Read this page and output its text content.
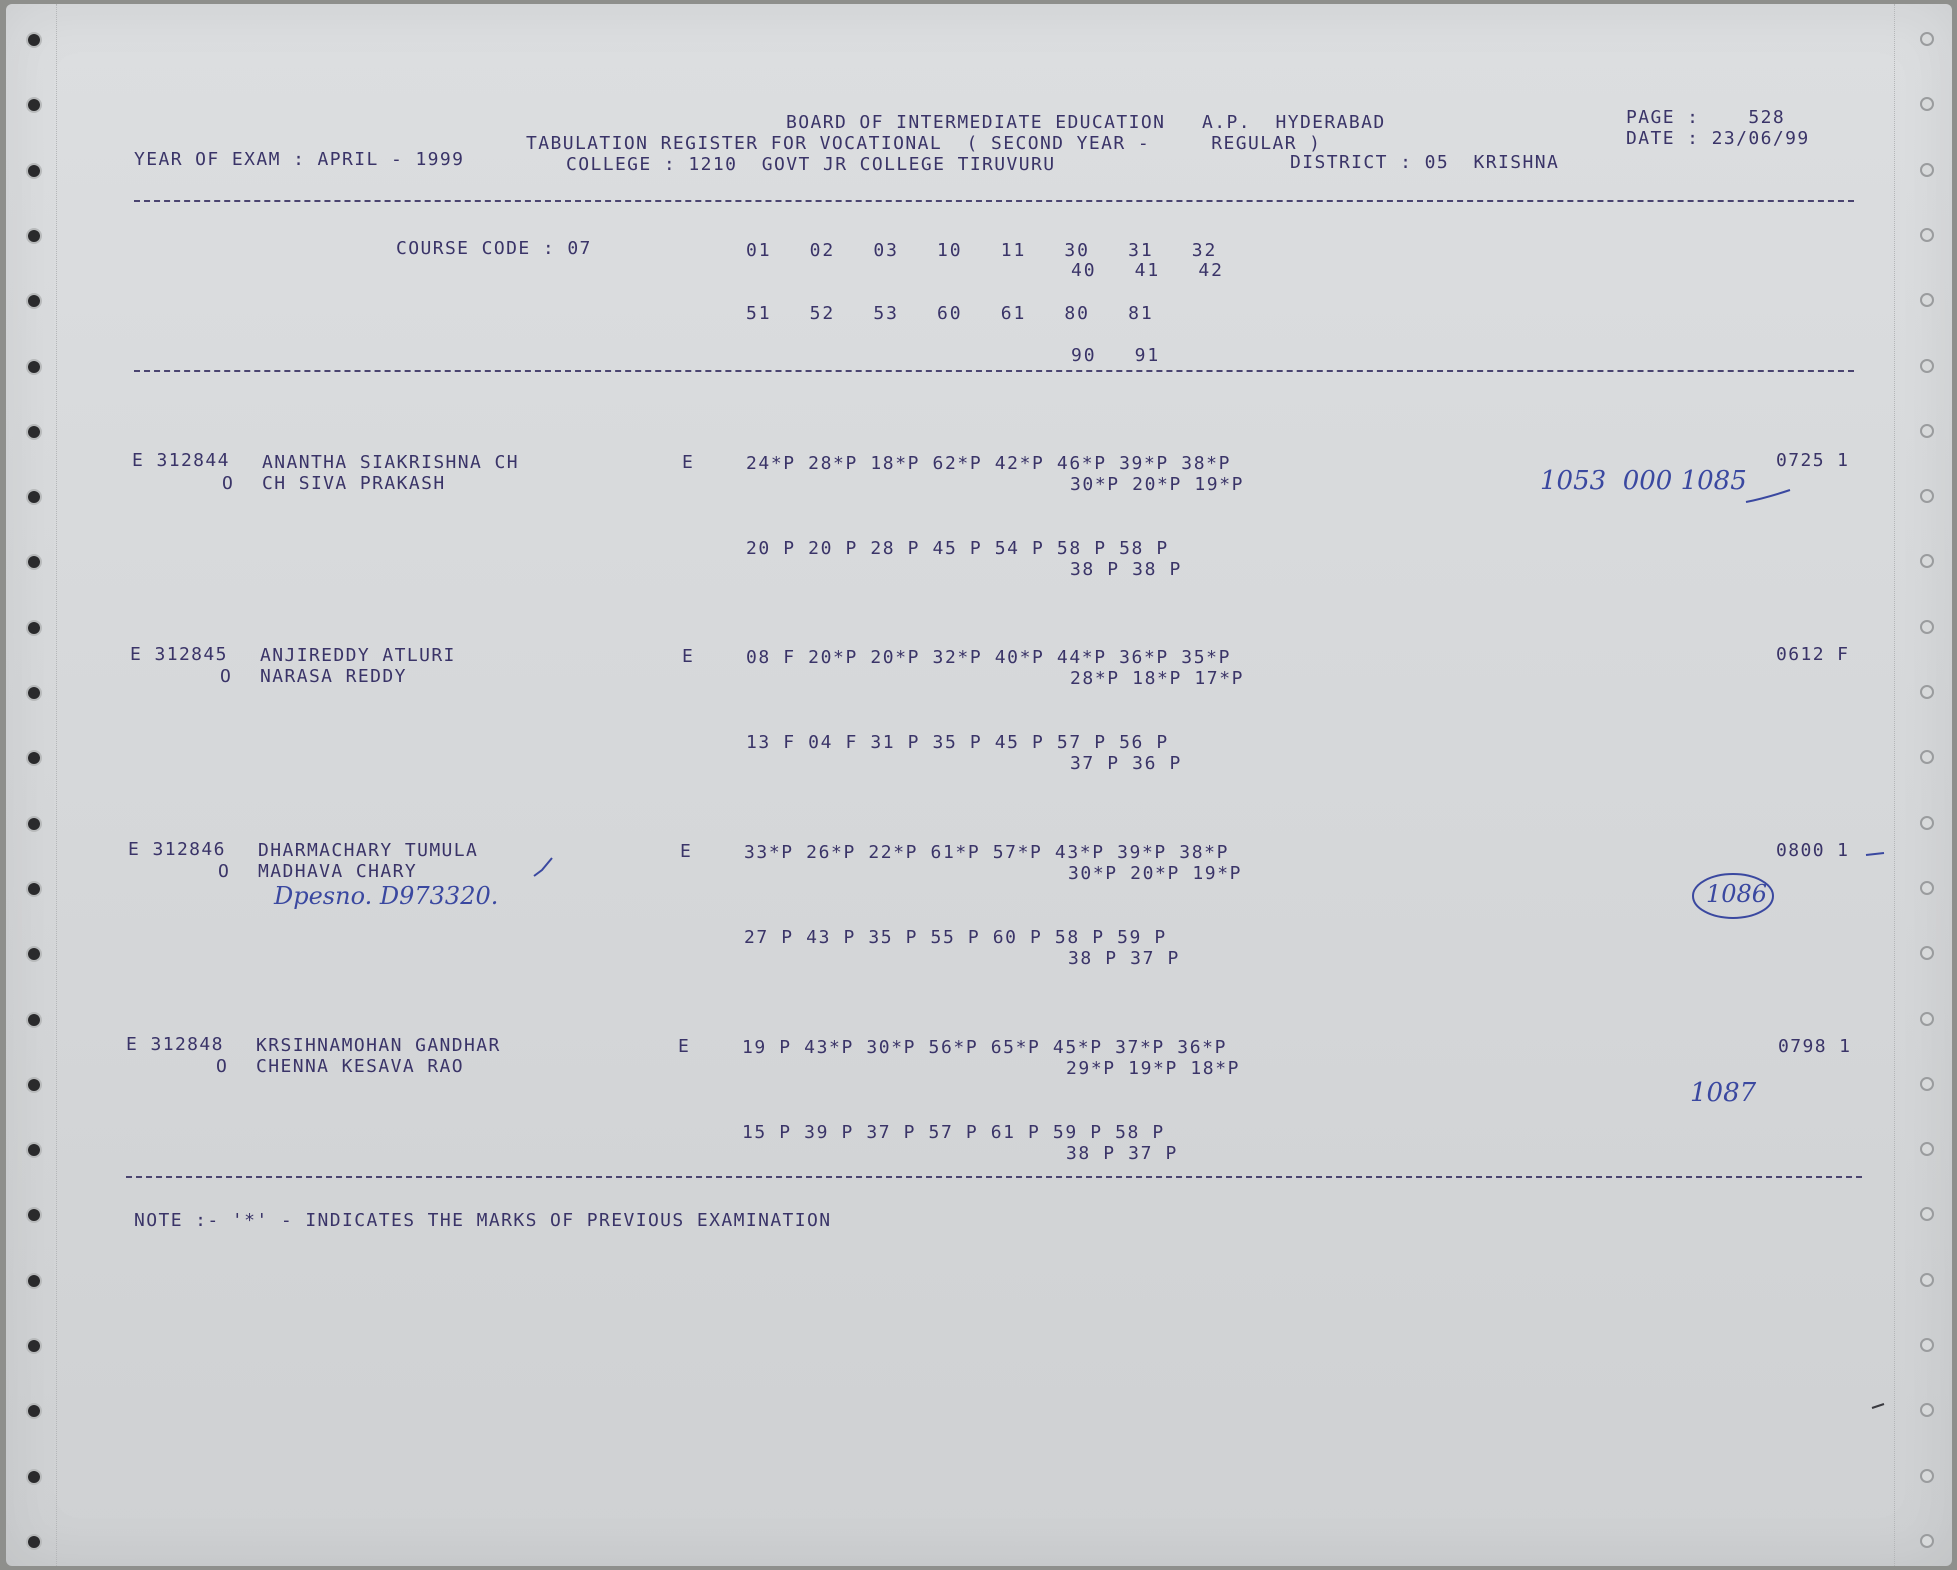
BOARD OF INTERMEDIATE EDUCATION   A.P.  HYDERABAD
TABULATION REGISTER FOR VOCATIONAL  ( SECOND YEAR -     REGULAR )
YEAR OF EXAM : APRIL - 1999	COLLEGE : 1210  GOVT JR COLLEGE TIRUVURU	DISTRICT : 05  KRISHNA
PAGE :    528
DATE : 23/06/99
COURSE CODE : 07	01   02   03   10   11   30   31   32
40   41   42
51   52   53   60   61   80   81
90   91
E 312844 ANANTHA SIAKRISHNA CH
O CH SIVA PRAKASH
E	24*P 28*P 18*P 62*P 42*P 46*P 39*P 38*P
30*P 20*P 19*P
20 P 20 P 28 P 45 P 54 P 58 P 58 P
38 P 38 P
0725 1
1053  000 1085
E 312845 ANJIREDDY ATLURI
O NARASA REDDY
E	08 F 20*P 20*P 32*P 40*P 44*P 36*P 35*P
28*P 18*P 17*P
13 F 04 F 31 P 35 P 45 P 57 P 56 P
37 P 36 P
0612 F
E 312846 DHARMACHARY TUMULA
O MADHAVA CHARY
E	33*P 26*P 22*P 61*P 57*P 43*P 39*P 38*P
30*P 20*P 19*P
27 P 43 P 35 P 55 P 60 P 58 P 59 P
38 P 37 P
0800 1
Dpesno. D973320.	1086
E 312848 KRSIHNAMOHAN GANDHAR
O CHENNA KESAVA RAO
E	19 P 43*P 30*P 56*P 65*P 45*P 37*P 36*P
29*P 19*P 18*P
15 P 39 P 37 P 57 P 61 P 59 P 58 P
38 P 37 P
0798 1
1087
NOTE :- '*' - INDICATES THE MARKS OF PREVIOUS EXAMINATION
